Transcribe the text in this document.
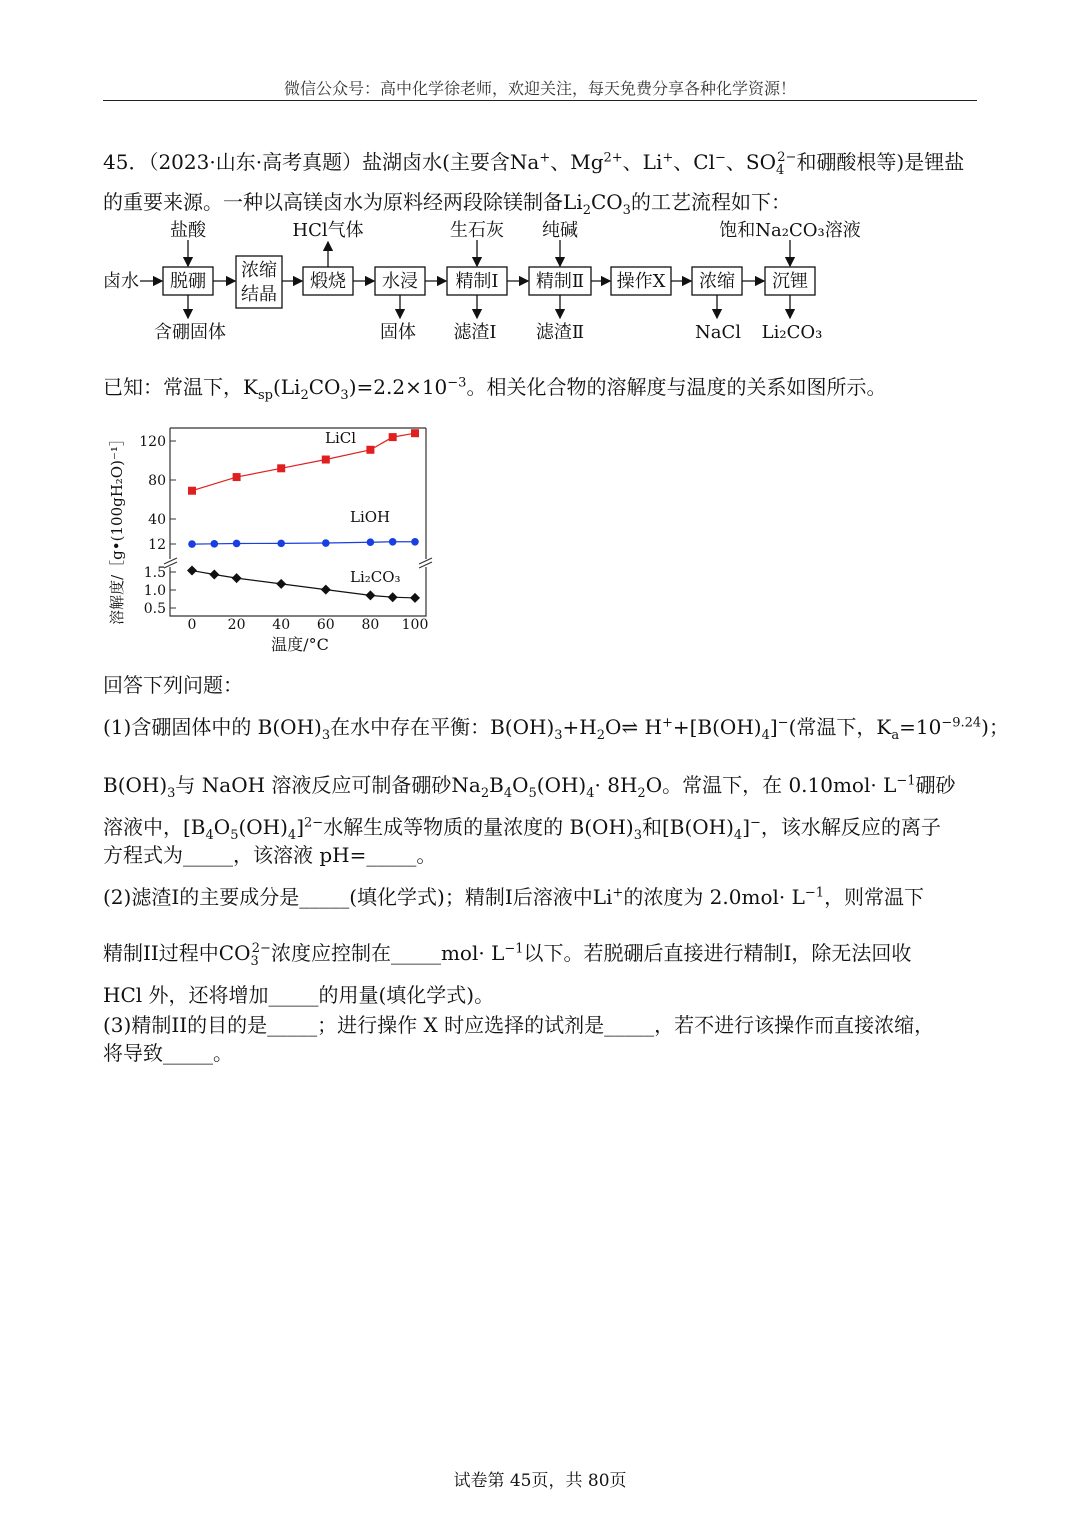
微信公众号：高中化学徐老师，欢迎关注，每天免费分享各种化学资源！
45．（2023·山东·高考真题）盐湖卤水(主要含Na+、$Mg^{2+}$、Li+、Cl−、$SO_4^{2-}$和硼酸根等)是锂盐
的重要来源。一种以高镁卤水为原料经两段除镁制备$Li_2CO_3$的工艺流程如下：
卤水 脱硼
浓缩
结晶
煅烧 水浸 精制Ⅰ 精制Ⅱ 操作X 浓缩 沉锂
盐酸	HCl气体	生石灰 纯碱	饱和Na₂CO₃溶液
含硼固体	固体 滤渣Ⅰ 滤渣Ⅱ	NaCl Li₂CO₃
已知：常温下，$K_{sp}(Li_2CO_3)=2.2\times 10^{-3}$。相关化合物的溶解度与温度的关系如图所示。
溶解度/［g•(100gH₂O)⁻¹］
温度/°C
0 20 40 60 80 100
120
80
40
12
1.5
1.0
0.5
LiCl
LiOH
Li₂CO₃
回答下列问题：
(1)含硼固体中的 $B(OH)_3$在水中存在平衡：$B(OH)_3+H_2O\rightleftharpoons$ $H^++[B(OH)_4]^-$(常温下，$K_a=10^{-9.24}$)；
$B(OH)_3$与 NaOH 溶液反应可制备硼砂$Na_2B_4O_5(OH)_4\cdot 8H_2O$。常温下，在 $0.10mol\cdot L^{-1}$硼砂
溶液中，$[B_4O_5(OH)_4]^{2-}$水解生成等物质的量浓度的 $B(OH)_3$和$[B(OH)_4]^-$，该水解反应的离子
方程式为_____，该溶液 pH=_____。
(2)滤渣I的主要成分是_____(填化学式)；精制I后溶液中Li+的浓度为 $2.0mol\cdot L^{-1}$，则常温下
精制II过程中$CO_3^{2-}$浓度应控制在_____mol· $L^{-1}$以下。若脱硼后直接进行精制I，除无法回收
HCl 外，还将增加_____的用量(填化学式)。
(3)精制II的目的是_____；进行操作 X 时应选择的试剂是_____，若不进行该操作而直接浓缩，
将导致_____。
试卷第 45页，共 80页
